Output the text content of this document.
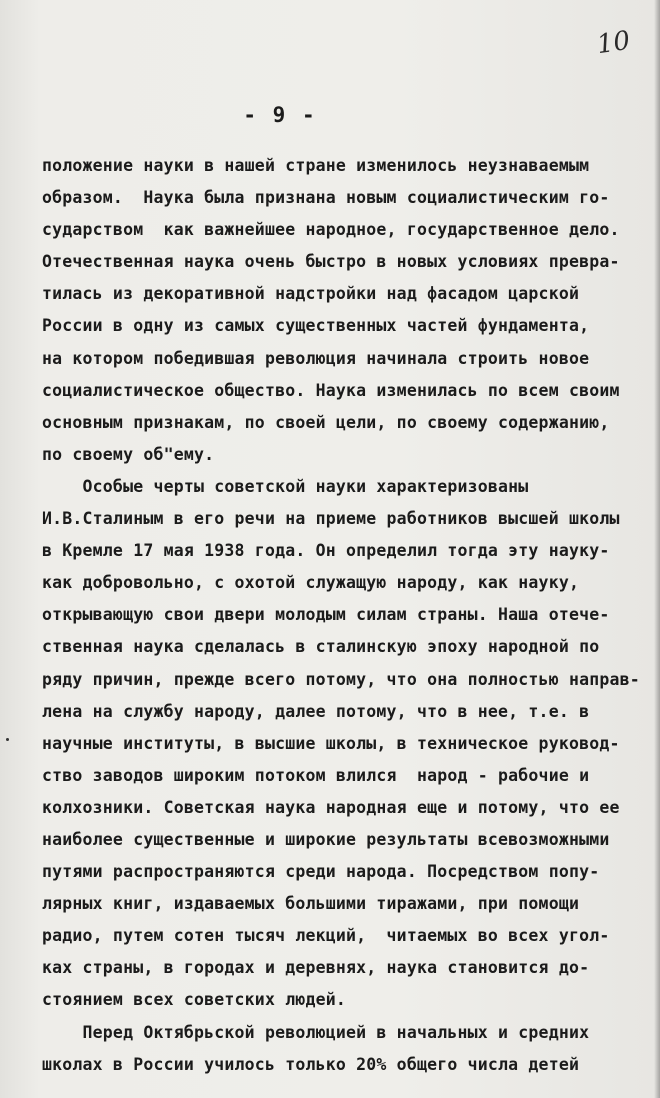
10
- 9 -
положение науки в нашей стране изменилось неузнаваемым
образом.  Наука была признана новым социалистическим го-
сударством  как важнейшее народное, государственное дело.
Отечественная наука очень быстро в новых условиях превра-
тилась из декоративной надстройки над фасадом царской
России в одну из самых существенных частей фундамента,
на котором победившая революция начинала строить новое
социалистическое общество. Наука изменилась по всем своим
основным признакам, по своей цели, по своему содержанию,
по своему об"ему.
Особые черты советской науки характеризованы
И.В.Сталиным в его речи на приеме работников высшей школы
в Кремле 17 мая 1938 года. Он определил тогда эту науку-
как добровольно, с охотой служащую народу, как науку,
открывающую свои двери молодым силам страны. Наша отече-
ственная наука сделалась в сталинскую эпоху народной по
ряду причин, прежде всего потому, что она полностью направ-
лена на службу народу, далее потому, что в нее, т.е. в
научные институты, в высшие школы, в техническое руковод-
ство заводов широким потоком влился  народ - рабочие и
колхозники. Советская наука народная еще и потому, что ее
наиболее существенные и широкие результаты всевозможными
путями распространяются среди народа. Посредством попу-
лярных книг, издаваемых большими тиражами, при помощи
радио, путем сотен тысяч лекций,  читаемых во всех угол-
ках страны, в городах и деревнях, наука становится до-
стоянием всех советских людей.
Перед Октябрьской революцией в начальных и средних
школах в России училось только 20% общего числа детей
